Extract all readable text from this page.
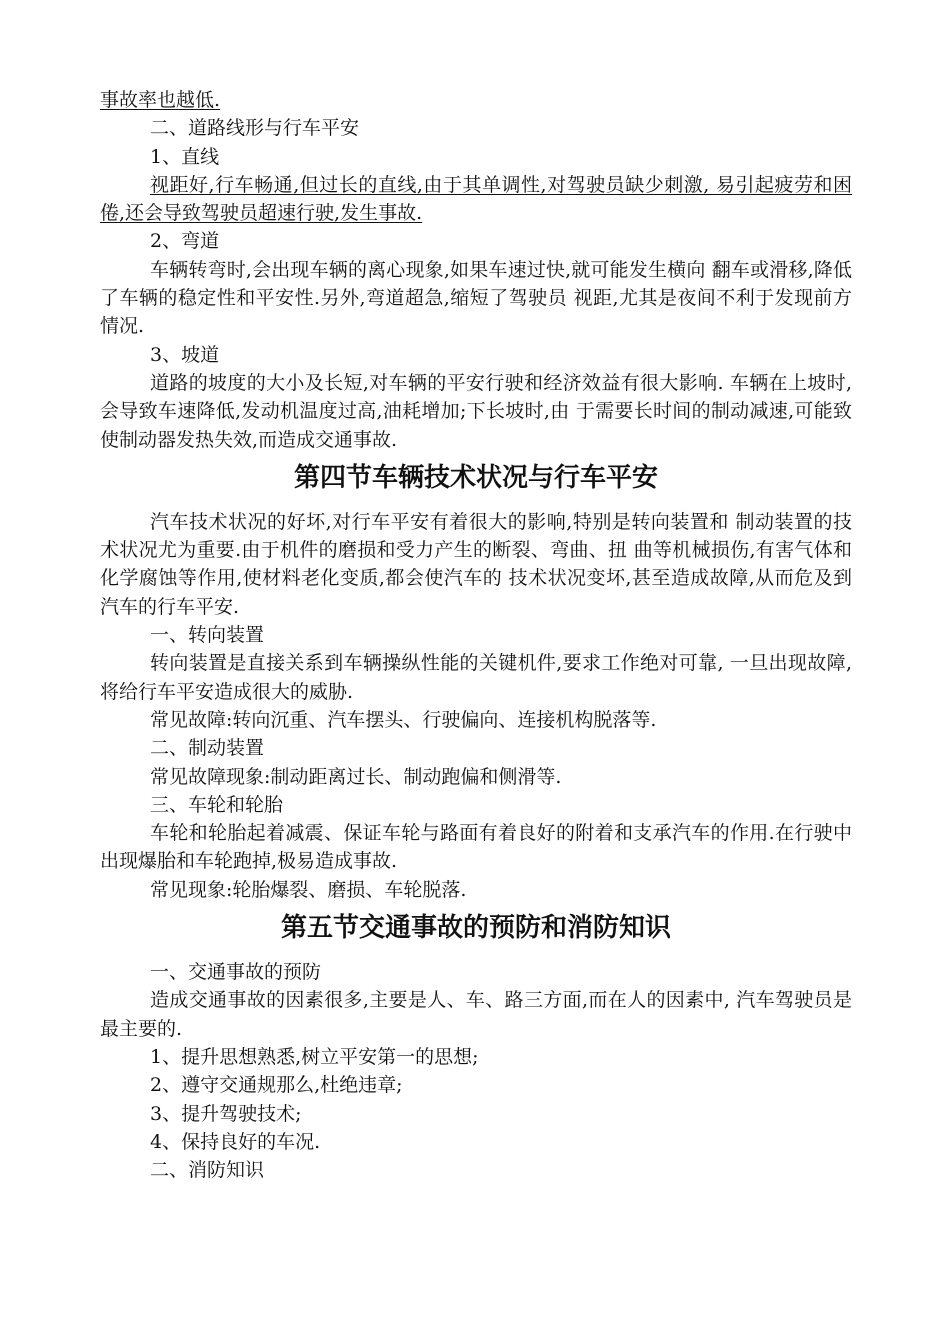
事故率也越低.

二、道路线形与行车平安

1、直线

视距好,行车畅通,但过长的直线,由于其单调性,对驾驶员缺少刺激, 易引起疲劳和困倦,还会导致驾驶员超速行驶,发生事故.

2、弯道

车辆转弯时,会出现车辆的离心现象,如果车速过快,就可能发生横向 翻车或滑移,降低了车辆的稳定性和平安性.另外,弯道超急,缩短了驾驶员 视距,尤其是夜间不利于发现前方情况.

3、坡道

道路的坡度的大小及长短,对车辆的平安行驶和经济效益有很大影响. 车辆在上坡时,会导致车速降低,发动机温度过高,油耗增加;下长坡时,由 于需要长时间的制动减速,可能致使制动器发热失效,而造成交通事故.

第四节车辆技术状况与行车平安

汽车技术状况的好坏,对行车平安有着很大的影响,特别是转向装置和 制动装置的技术状况尤为重要.由于机件的磨损和受力产生的断裂、弯曲、扭 曲等机械损伤,有害气体和化学腐蚀等作用,使材料老化变质,都会使汽车的 技术状况变坏,甚至造成故障,从而危及到汽车的行车平安.

一、转向装置

转向装置是直接关系到车辆操纵性能的关键机件,要求工作绝对可靠, 一旦出现故障,将给行车平安造成很大的威胁.

常见故障:转向沉重、汽车摆头、行驶偏向、连接机构脱落等.

二、制动装置

常见故障现象:制动距离过长、制动跑偏和侧滑等.

三、车轮和轮胎

车轮和轮胎起着减震、保证车轮与路面有着良好的附着和支承汽车的作用.在行驶中出现爆胎和车轮跑掉,极易造成事故.

常见现象:轮胎爆裂、磨损、车轮脱落.

第五节交通事故的预防和消防知识

一、交通事故的预防

造成交通事故的因素很多,主要是人、车、路三方面,而在人的因素中, 汽车驾驶员是最主要的.

1、提升思想熟悉,树立平安第一的思想;

2、遵守交通规那么,杜绝违章;

3、提升驾驶技术;

4、保持良好的车况.

二、消防知识
